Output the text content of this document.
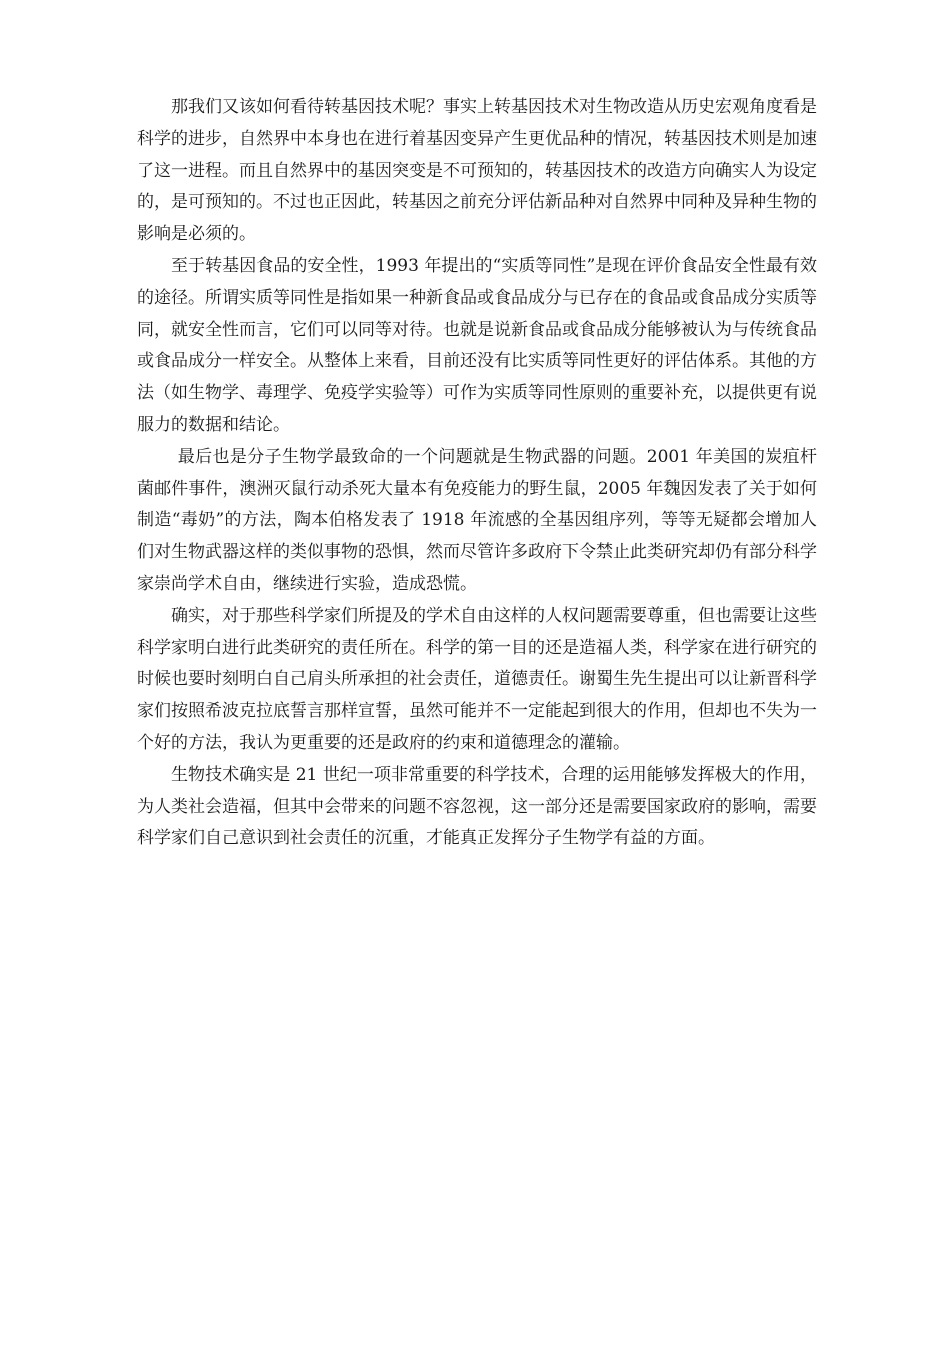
那我们又该如何看待转基因技术呢？事实上转基因技术对生物改造从历史宏观角度看是科学的进步，自然界中本身也在进行着基因变异产生更优品种的情况，转基因技术则是加速了这一进程。而且自然界中的基因突变是不可预知的，转基因技术的改造方向确实人为设定的，是可预知的。不过也正因此，转基因之前充分评估新品种对自然界中同种及异种生物的影响是必须的。

至于转基因食品的安全性，1993 年提出的“实质等同性”是现在评价食品安全性最有效的途径。所谓实质等同性是指如果一种新食品或食品成分与已存在的食品或食品成分实质等同，就安全性而言，它们可以同等对待。也就是说新食品或食品成分能够被认为与传统食品或食品成分一样安全。从整体上来看，目前还没有比实质等同性更好的评估体系。其他的方法（如生物学、毒理学、免疫学实验等）可作为实质等同性原则的重要补充，以提供更有说服力的数据和结论。

最后也是分子生物学最致命的一个问题就是生物武器的问题。2001 年美国的炭疽杆菌邮件事件，澳洲灭鼠行动杀死大量本有免疫能力的野生鼠，2005 年魏因发表了关于如何制造“毒奶”的方法，陶本伯格发表了 1918 年流感的全基因组序列，等等无疑都会增加人们对生物武器这样的类似事物的恐惧，然而尽管许多政府下令禁止此类研究却仍有部分科学家崇尚学术自由，继续进行实验，造成恐慌。

确实，对于那些科学家们所提及的学术自由这样的人权问题需要尊重，但也需要让这些科学家明白进行此类研究的责任所在。科学的第一目的还是造福人类，科学家在进行研究的时候也要时刻明白自己肩头所承担的社会责任，道德责任。谢蜀生先生提出可以让新晋科学家们按照希波克拉底誓言那样宣誓，虽然可能并不一定能起到很大的作用，但却也不失为一个好的方法，我认为更重要的还是政府的约束和道德理念的灌输。

生物技术确实是 21 世纪一项非常重要的科学技术，合理的运用能够发挥极大的作用，为人类社会造福，但其中会带来的问题不容忽视，这一部分还是需要国家政府的影响，需要科学家们自己意识到社会责任的沉重，才能真正发挥分子生物学有益的方面。
